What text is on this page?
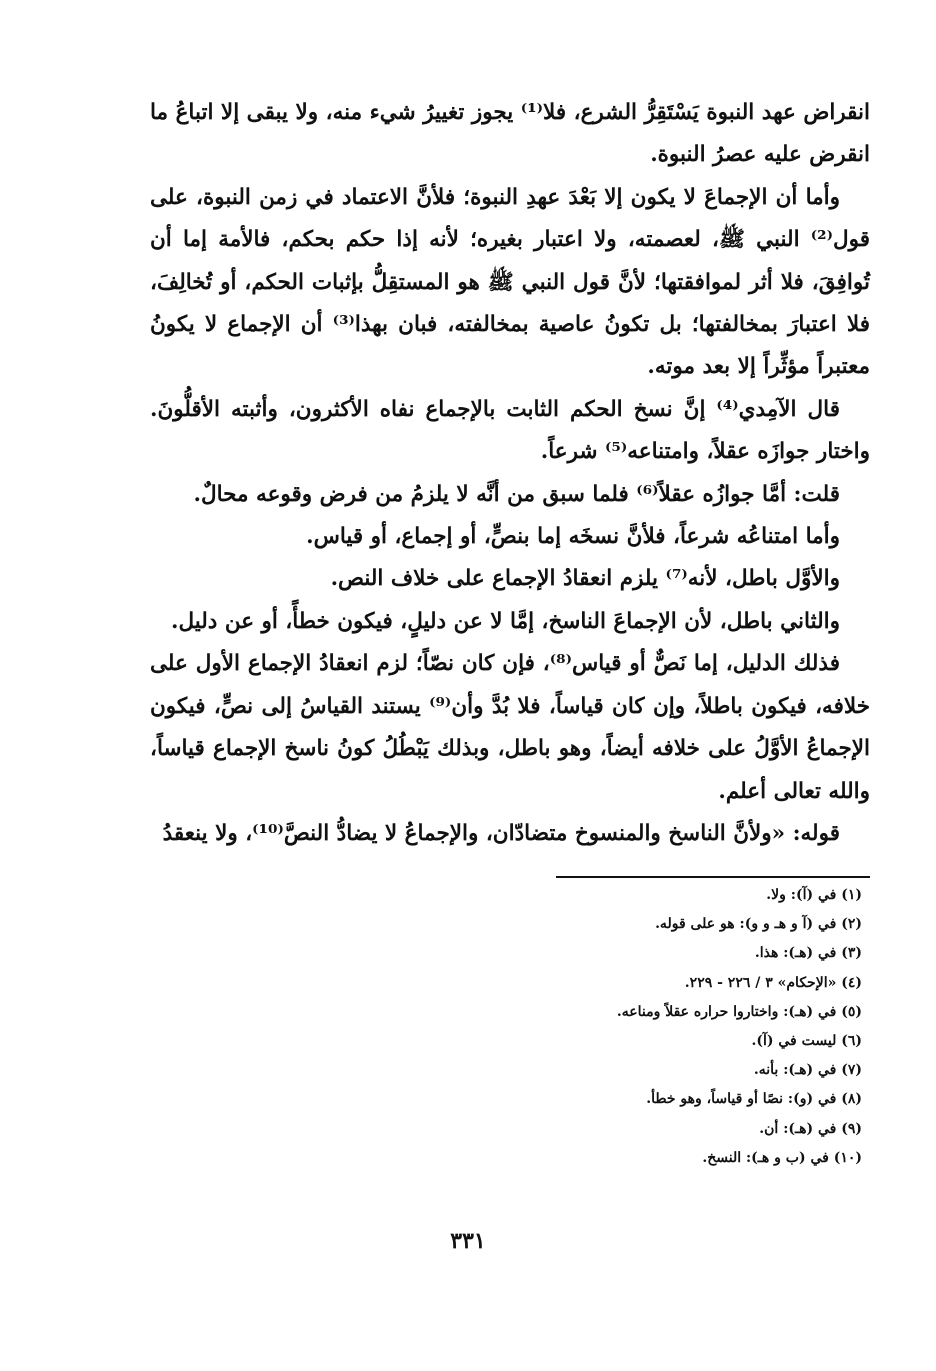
انقراض عهد النبوة يَسْتَقِرُّ الشرع، فلا⁽¹⁾ يجوز تغييرُ شيء منه، ولا يبقى إلا اتباعُ ما انقرض عليه عصرُ النبوة.

وأما أن الإجماعَ لا يكون إلا بَعْدَ عهدِ النبوة؛ فلأنَّ الاعتماد في زمن النبوة، على قول⁽²⁾ النبي ﷺ، لعصمته، ولا اعتبار بغيره؛ لأنه إذا حكم بحكم، فالأمة إما أن تُوافِقَ، فلا أثر لموافقتها؛ لأنَّ قول النبي ﷺ هو المستقِلُّ بإثبات الحكم، أو تُخالِفَ، فلا اعتبارَ بمخالفتها؛ بل تكونُ عاصية بمخالفته، فبان بهذا⁽³⁾ أن الإجماع لا يكونُ معتبراً مؤثِّراً إلا بعد موته.

قال الآمِدي⁽⁴⁾ إنَّ نسخ الحكم الثابت بالإجماع نفاه الأكثرون، وأثبته الأقلُّونَ. واختار جوازَه عقلاً، وامتناعه⁽⁵⁾ شرعاً.

قلت: أمَّا جوازُه عقلاً⁽⁶⁾ فلما سبق من أنَّه لا يلزمُ من فرض وقوعه محالٌ.

وأما امتناعُه شرعاً، فلأنَّ نسخَه إما بنصٍّ، أو إجماع، أو قياس.

والأوَّل باطل، لأنه⁽⁷⁾ يلزم انعقادُ الإجماع على خلاف النص.

والثاني باطل، لأن الإجماعَ الناسخ، إمَّا لا عن دليلٍ، فيكون خطأً، أو عن دليل.

فذلك الدليل، إما نَصٌّ أو قياس⁽⁸⁾، فإن كان نصّاً؛ لزم انعقادُ الإجماع الأول على خلافه، فيكون باطلاً، وإن كان قياساً، فلا بُدَّ وأن⁽⁹⁾ يستند القياسُ إلى نصٍّ، فيكون الإجماعُ الأوَّلُ على خلافه أيضاً، وهو باطل، وبذلك يَبْطُلُ كونُ ناسخ الإجماع قياساً، والله تعالى أعلم.

قوله: «ولأنَّ الناسخ والمنسوخ متضادّان، والإجماعُ لا يضادُّ النصَّ⁽¹⁰⁾، ولا ينعقدُ

(١) في (آ): ولا.
(٢) في (آ و هـ و و): هو على قوله.
(٣) في (هـ): هذا.
(٤) «الإحكام» ٣ / ٢٢٦ - ٢٢٩.
(٥) في (هـ): واختاروا حراره عقلاً ومناعه.
(٦) ليست في (آ).
(٧) في (هـ): بأنه.
(٨) في (و): نصًا أو قياساً، وهو خطأ.
(٩) في (هـ): أن.
(١٠) في (ب و هـ): النسخ.
٣٣١
